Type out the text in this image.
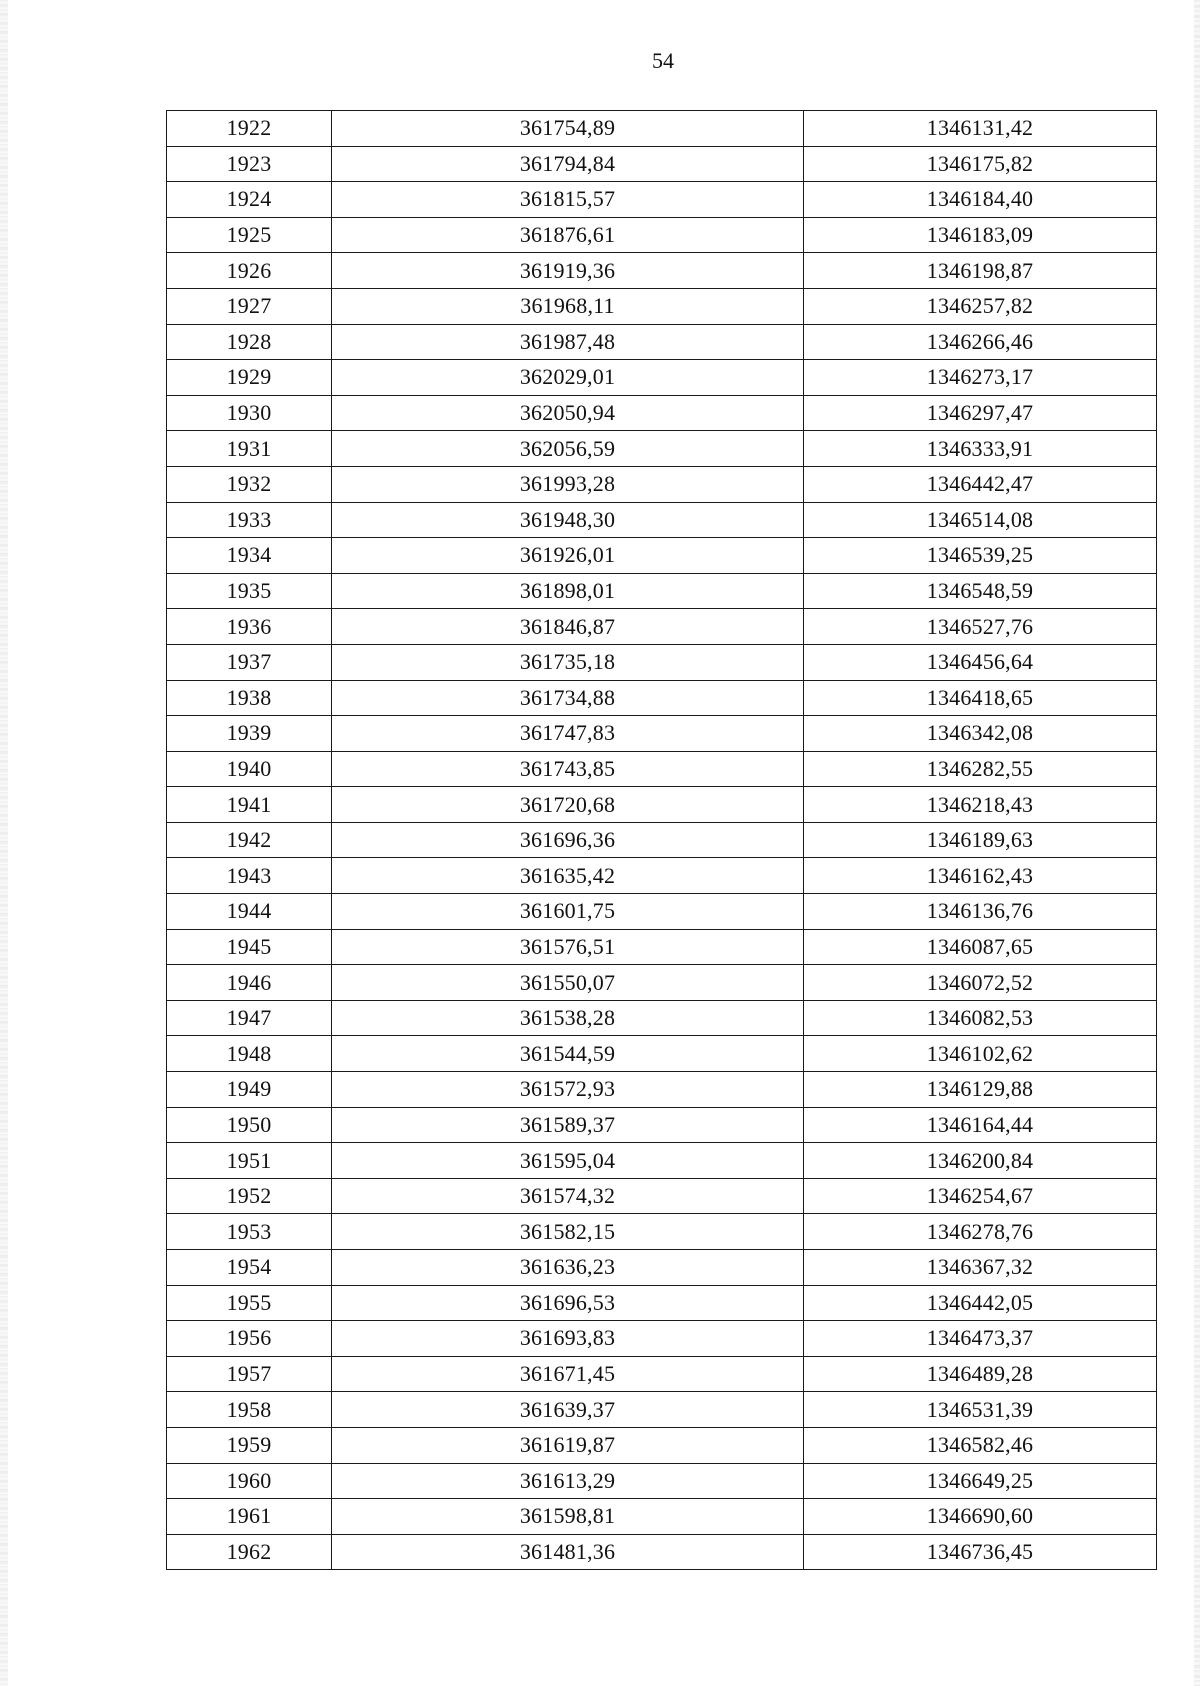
54
1922	361754,89	1346131,42
1923	361794,84	1346175,82
1924	361815,57	1346184,40
1925	361876,61	1346183,09
1926	361919,36	1346198,87
1927	361968,11	1346257,82
1928	361987,48	1346266,46
1929	362029,01	1346273,17
1930	362050,94	1346297,47
1931	362056,59	1346333,91
1932	361993,28	1346442,47
1933	361948,30	1346514,08
1934	361926,01	1346539,25
1935	361898,01	1346548,59
1936	361846,87	1346527,76
1937	361735,18	1346456,64
1938	361734,88	1346418,65
1939	361747,83	1346342,08
1940	361743,85	1346282,55
1941	361720,68	1346218,43
1942	361696,36	1346189,63
1943	361635,42	1346162,43
1944	361601,75	1346136,76
1945	361576,51	1346087,65
1946	361550,07	1346072,52
1947	361538,28	1346082,53
1948	361544,59	1346102,62
1949	361572,93	1346129,88
1950	361589,37	1346164,44
1951	361595,04	1346200,84
1952	361574,32	1346254,67
1953	361582,15	1346278,76
1954	361636,23	1346367,32
1955	361696,53	1346442,05
1956	361693,83	1346473,37
1957	361671,45	1346489,28
1958	361639,37	1346531,39
1959	361619,87	1346582,46
1960	361613,29	1346649,25
1961	361598,81	1346690,60
1962	361481,36	1346736,45
